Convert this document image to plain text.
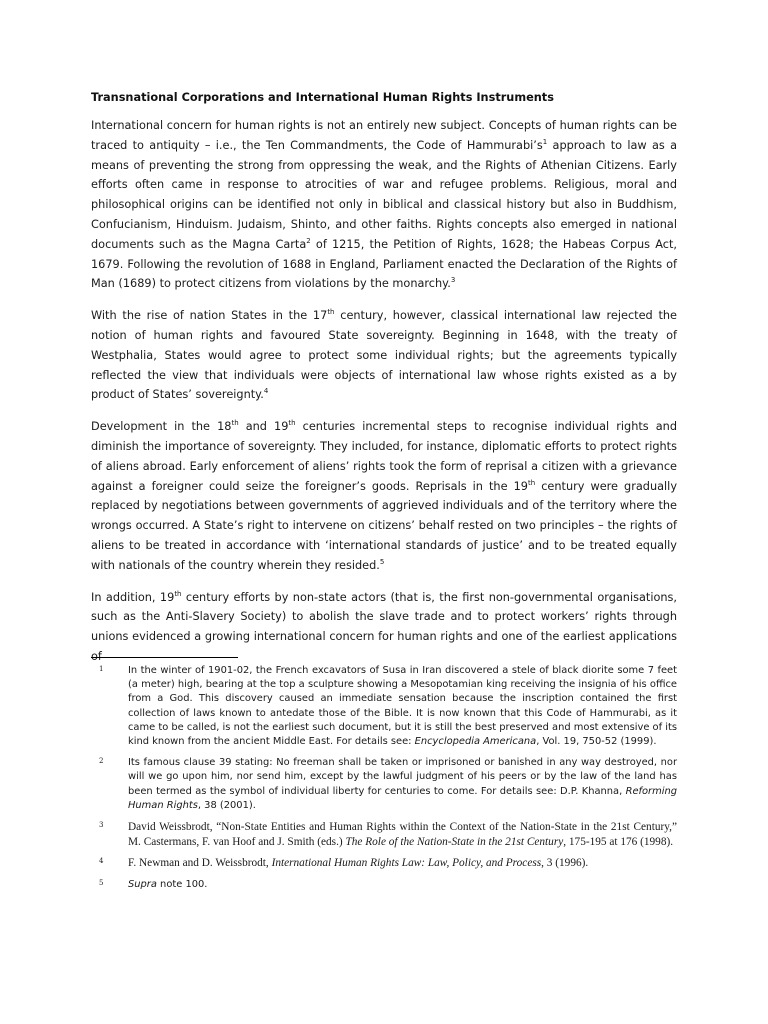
Transnational Corporations and International Human Rights Instruments

International concern for human rights is not an entirely new subject. Concepts of human rights can be traced to antiquity – i.e., the Ten Commandments, the Code of $Hammurabi’s^1$ approach to law as a means of preventing the strong from oppressing the weak, and the Rights of Athenian Citizens. Early efforts often came in response to atrocities of war and refugee problems. Religious, moral and philosophical origins can be identified not only in biblical and classical history but also in Buddhism, Confucianism, Hinduism. Judaism, Shinto, and other faiths. Rights concepts also emerged in national documents such as the Magna Carta$^2$ of 1215, the Petition of Rights, 1628; the Habeas Corpus Act, 1679. Following the revolution of 1688 in England, Parliament enacted the Declaration of the Rights of Man (1689) to protect citizens from violations by the monarchy.$^3$

With the rise of nation States in the 17th century, however, classical international law rejected the notion of human rights and favoured State sovereignty. Beginning in 1648, with the treaty of Westphalia, States would agree to protect some individual rights; but the agreements typically reflected the view that individuals were objects of international law whose rights existed as a by product of States’ sovereignty.$^4$

Development in the 18th and 19th centuries incremental steps to recognise individual rights and diminish the importance of sovereignty. They included, for instance, diplomatic efforts to protect rights of aliens abroad. Early enforcement of aliens’ rights took the form of reprisal a citizen with a grievance against a foreigner could seize the foreigner’s goods. Reprisals in the 19th century were gradually replaced by negotiations between governments of aggrieved individuals and of the territory where the wrongs occurred. A State’s right to intervene on citizens’ behalf rested on two principles – the rights of aliens to be treated in accordance with ‘international standards of justice’ and to be treated equally with nationals of the country wherein they resided.$^5$

In addition, 19th century efforts by non-state actors (that is, the first non-governmental organisations, such as the Anti-Slavery Society) to abolish the slave trade and to protect workers’ rights through unions evidenced a growing international concern for human rights and one of the earliest applications of

1 In the winter of 1901-02, the French excavators of Susa in Iran discovered a stele of black diorite some 7 feet (a meter) high, bearing at the top a sculpture showing a Mesopotamian king receiving the insignia of his office from a God. This discovery caused an immediate sensation because the inscription contained the first collection of laws known to antedate those of the Bible. It is now known that this Code of Hammurabi, as it came to be called, is not the earliest such document, but it is still the best preserved and most extensive of its kind known from the ancient Middle East. For details see: Encyclopedia Americana, Vol. 19, 750-52 (1999).
2 Its famous clause 39 stating: No freeman shall be taken or imprisoned or banished in any way destroyed, nor will we go upon him, nor send him, except by the lawful judgment of his peers or by the law of the land has been termed as the symbol of individual liberty for centuries to come. For details see: D.P. Khanna, Reforming Human Rights, 38 (2001).
3 David Weissbrodt, “Non-State Entities and Human Rights within the Context of the Nation-State in the 21st Century,” M. Castermans, F. van Hoof and J. Smith (eds.) The Role of the Nation-State in the 21st Century, 175-195 at 176 (1998).
4 F. Newman and D. Weissbrodt, International Human Rights Law: Law, Policy, and Process, 3 (1996).
5 Supra note 100.
